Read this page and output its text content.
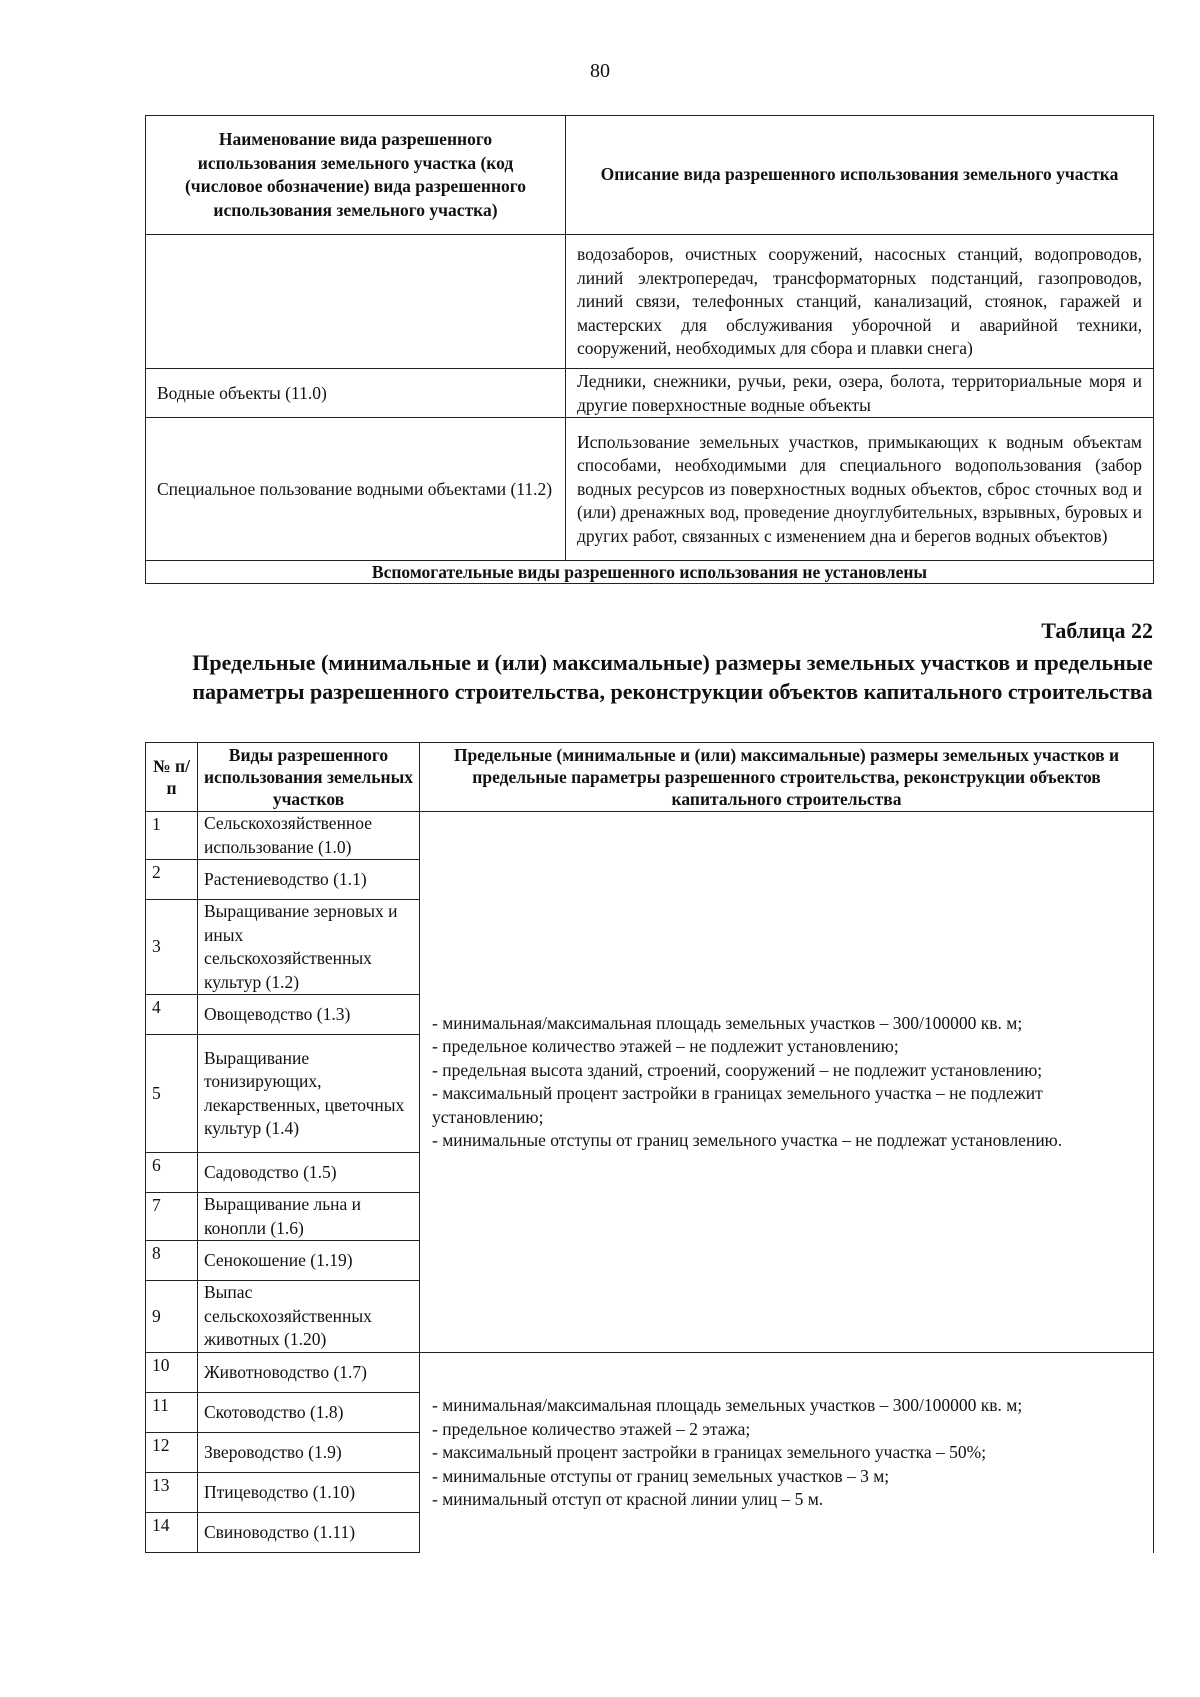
80
Наименование вида разрешенного использования земельного участка (код (числовое обозначение) вида разрешенного использования земельного участка)	Описание вида разрешенного использования земельного участка
	водозаборов, очистных сооружений, насосных станций, водопроводов, линий электропередач, трансформаторных подстанций, газопроводов, линий связи, телефонных станций, канализаций, стоянок, гаражей и мастерских для обслуживания уборочной и аварийной техники, сооружений, необходимых для сбора и плавки снега)
Водные объекты (11.0)	Ледники, снежники, ручьи, реки, озера, болота, территориальные моря и другие поверхностные водные объекты
Специальное пользование водными объектами (11.2)	Использование земельных участков, примыкающих к водным объектам способами, необходимыми для специального водопользования (забор водных ресурсов из поверхностных водных объектов, сброс сточных вод и (или) дренажных вод, проведение дноуглубительных, взрывных, буровых и других работ, связанных с изменением дна и берегов водных объектов)
Вспомогательные виды разрешенного использования не установлены	
Таблица 22
Предельные (минимальные и (или) максимальные) размеры земельных участков и предельные параметры разрешенного строительства, реконструкции объектов капитального строительства
№ п/п	Виды разрешенного использования земельных участков	Предельные (минимальные и (или) максимальные) размеры земельных участков и предельные параметры разрешенного строительства, реконструкции объектов капитального строительства
1	Сельскохозяйственное использование (1.0)	- минимальная/максимальная площадь земельных участков – 300/100000 кв. м;
- предельное количество этажей – не подлежит установлению;
- предельная высота зданий, строений, сооружений – не подлежит установлению;
- максимальный процент застройки в границах земельного участка – не подлежит установлению;
- минимальные отступы от границ земельного участка – не подлежат установлению.

2	Растениеводство (1.1)	
3	Выращивание зерновых и иных сельскохозяйственных культур (1.2)	
4	Овощеводство (1.3)	
5	Выращивание тонизирующих, лекарственных, цветочных культур (1.4)	
6	Садоводство (1.5)	
7	Выращивание льна и конопли (1.6)	
8	Сенокошение (1.19)	
9	Выпас сельскохозяйственных животных (1.20)	
10	Животноводство (1.7)	- минимальная/максимальная площадь земельных участков – 300/100000 кв. м;
- предельное количество этажей – 2 этажа;
- максимальный процент застройки в границах земельного участка – 50%;
- минимальные отступы от границ земельных участков – 3 м;
- минимальный отступ от красной линии улиц – 5 м.

11	Скотоводство (1.8)	
12	Звероводство (1.9)	
13	Птицеводство (1.10)	
14	Свиноводство (1.11)	
